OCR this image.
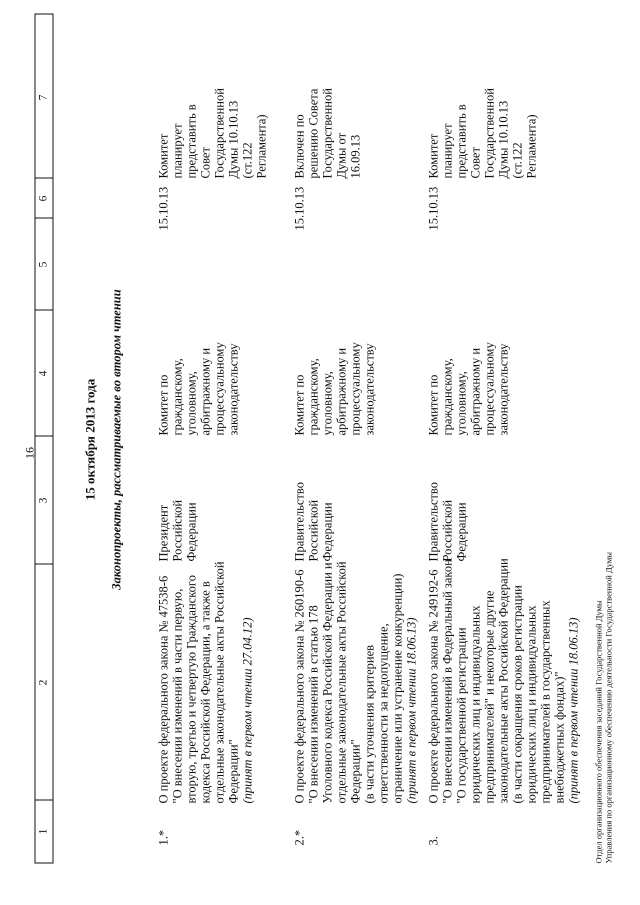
16
1
2
3
4
5
6
7
15 октября 2013 года Законопроекты, рассматриваемые во втором чтении
1.*
О проекте федерального закона № 47538-6 "О внесении изменений в части первую, вторую, третью и четвертую Гражданского кодекса Российской Федерации, а также в отдельные законодательные акты Российской Федерации" (принят в первом чтении 27.04.12)
Президент Российской Федерации
Комитет по гражданскому, уголовному, арбитражному и процессуальному законодательству
15.10.13
Комитет планирует представить в Совет Государственной Думы 10.10.13 (ст.122 Регламента)
2.*
О проекте федерального закона № 260190-6 "О внесении изменений в статью 178 Уголовного кодекса Российской Федерации и отдельные законодательные акты Российской Федерации" (в части уточнения критериев ответственности за недопущение, ограничение или устранение конкуренции) (принят в первом чтении 18.06.13)
Правительство Российской Федерации
Комитет по гражданскому, уголовному, арбитражному и процессуальному законодательству
15.10.13
Включен по решению Совета Государственной Думы от 16.09.13
3.
О проекте федерального закона № 249192-6 "О внесении изменений в Федеральный закон "О государственной регистрации юридических лиц и индивидуальных предпринимателей" и некоторые другие законодательные акты Российской Федерации (в части сокращения сроков регистрации юридических лиц и индивидуальных предпринимателей в государственных внебюджетных фондах)" (принят в первом чтении 18.06.13)
Правительство Российской Федерации
Комитет по гражданскому, уголовному, арбитражному и процессуальному законодательству
15.10.13
Комитет планирует представить в Совет Государственной Думы 10.10.13 (ст.122 Регламента)
Отдел организационного обеспечения заседаний Государственной Думы Управления по организационному обеспечению деятельности Государственной Думы
